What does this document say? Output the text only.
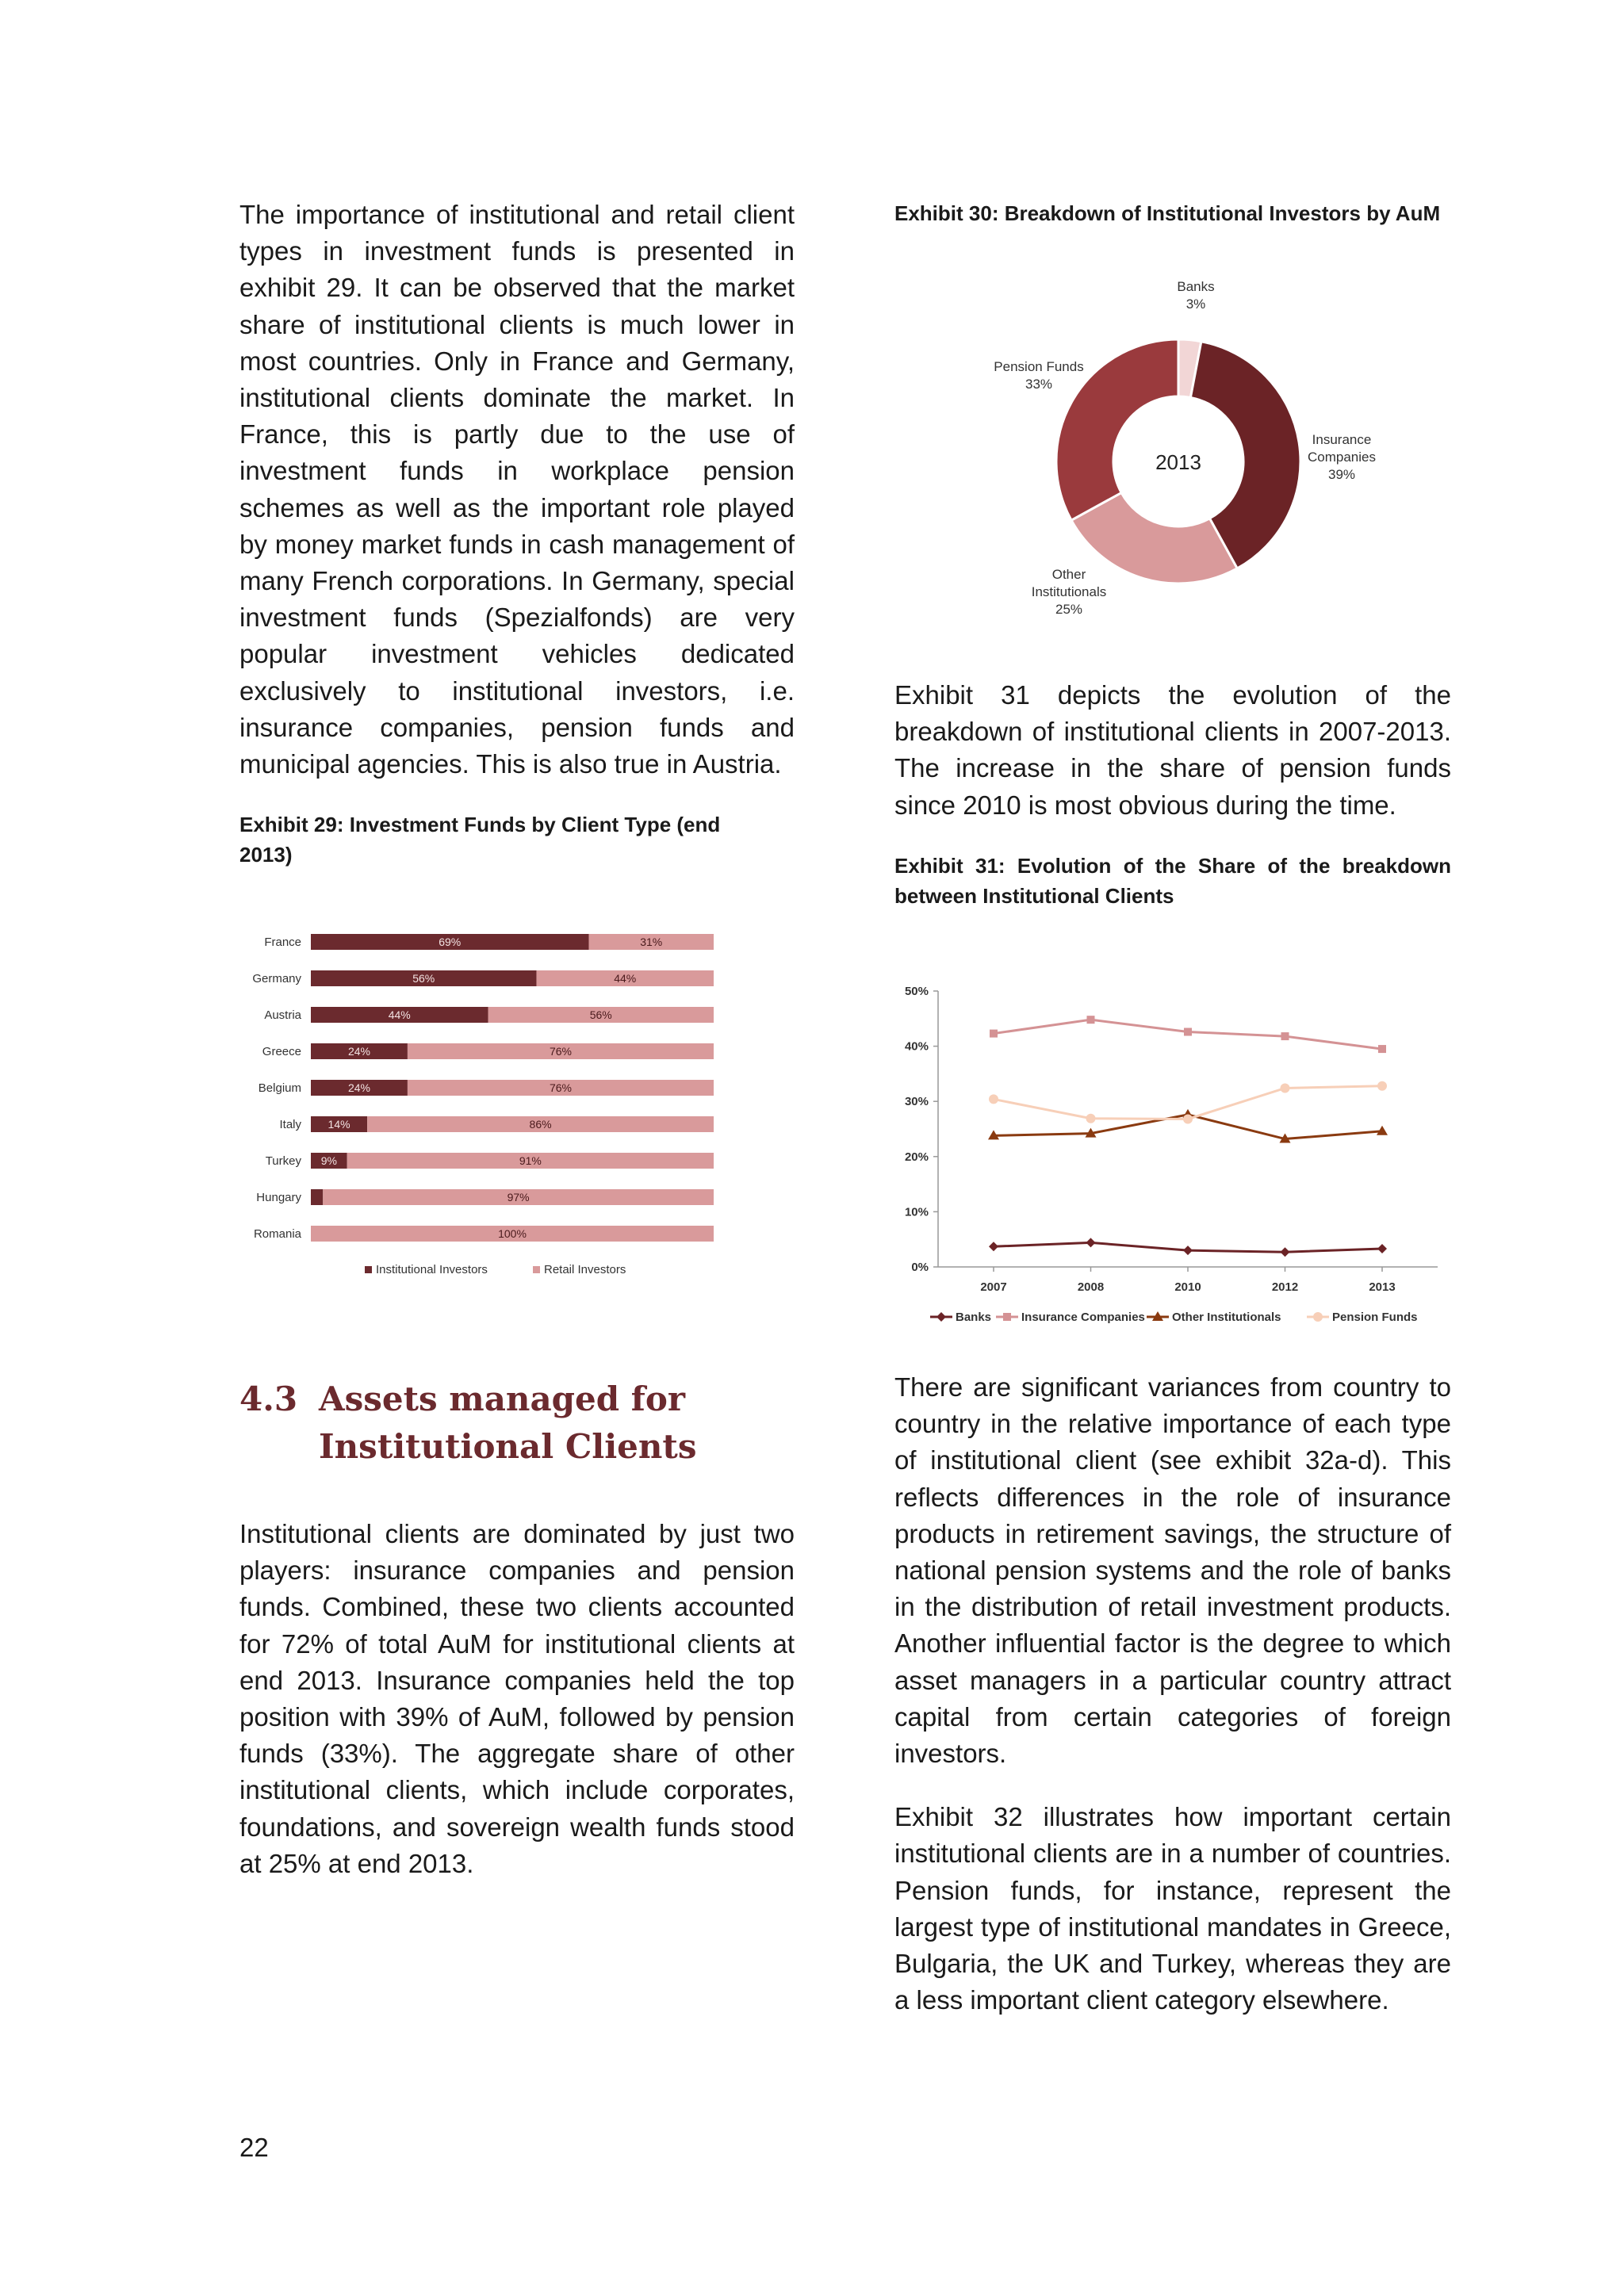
The importance of institutional and retail client types in investment funds is presented in exhibit 29. It can be observed that the market share of institutional clients is much lower in most countries. Only in France and Germany, institutional clients dominate the market. In France, this is partly due to the use of investment funds in workplace pension schemes as well as the important role played by money market funds in cash management of many French corporations. In Germany, special investment funds (Spezialfonds) are very popular investment vehicles dedicated exclusively to institutional investors, i.e. insurance companies, pension funds and municipal agencies. This is also true in Austria.

Exhibit 29: Investment Funds by Client Type (end 2013)

France	69%	31%
Germany	56%	44%
Austria	44%	56%
Greece	24%	76%
Belgium	24%	76%
Italy 14%	86%
Turkey 9%	91%
Hungary	97%
Romania	100%
Institutional Investors	Retail Investors
4.3 Assets managed for Institutional Clients

Institutional clients are dominated by just two players: insurance companies and pension funds. Combined, these two clients accounted for 72% of total AuM for institutional clients at end 2013. Insurance companies held the top position with 39% of AuM, followed by pension funds (33%). The aggregate share of other institutional clients, which include corporates, foundations, and sovereign wealth funds stood at 25% at end 2013.

Exhibit 30: Breakdown of Institutional Investors by AuM

Banks 3%
Insurance Companies 39%
Other Institutionals 25%
Pension Funds 33%
2013

Exhibit 31 depicts the evolution of the breakdown of institutional clients in 2007-2013. The increase in the share of pension funds since 2010 is most obvious during the time.

Exhibit 31: Evolution of the Share of the breakdown between Institutional Clients

0%
10%
20%
30%
40%
50%
2007	2008	2010	2012	2013
Banks	Insurance Companies Other Institutionals	Pension Funds

There are significant variances from country to country in the relative importance of each type of institutional client (see exhibit 32a-d). This reflects differences in the role of insurance products in retirement savings, the structure of national pension systems and the role of banks in the distribution of retail investment products. Another influential factor is the degree to which asset managers in a particular country attract capital from certain categories of foreign investors.

Exhibit 32 illustrates how important certain institutional clients are in a number of countries. Pension funds, for instance, represent the largest type of institutional mandates in Greece, Bulgaria, the UK and Turkey, whereas they are a less important client category elsewhere.

22
